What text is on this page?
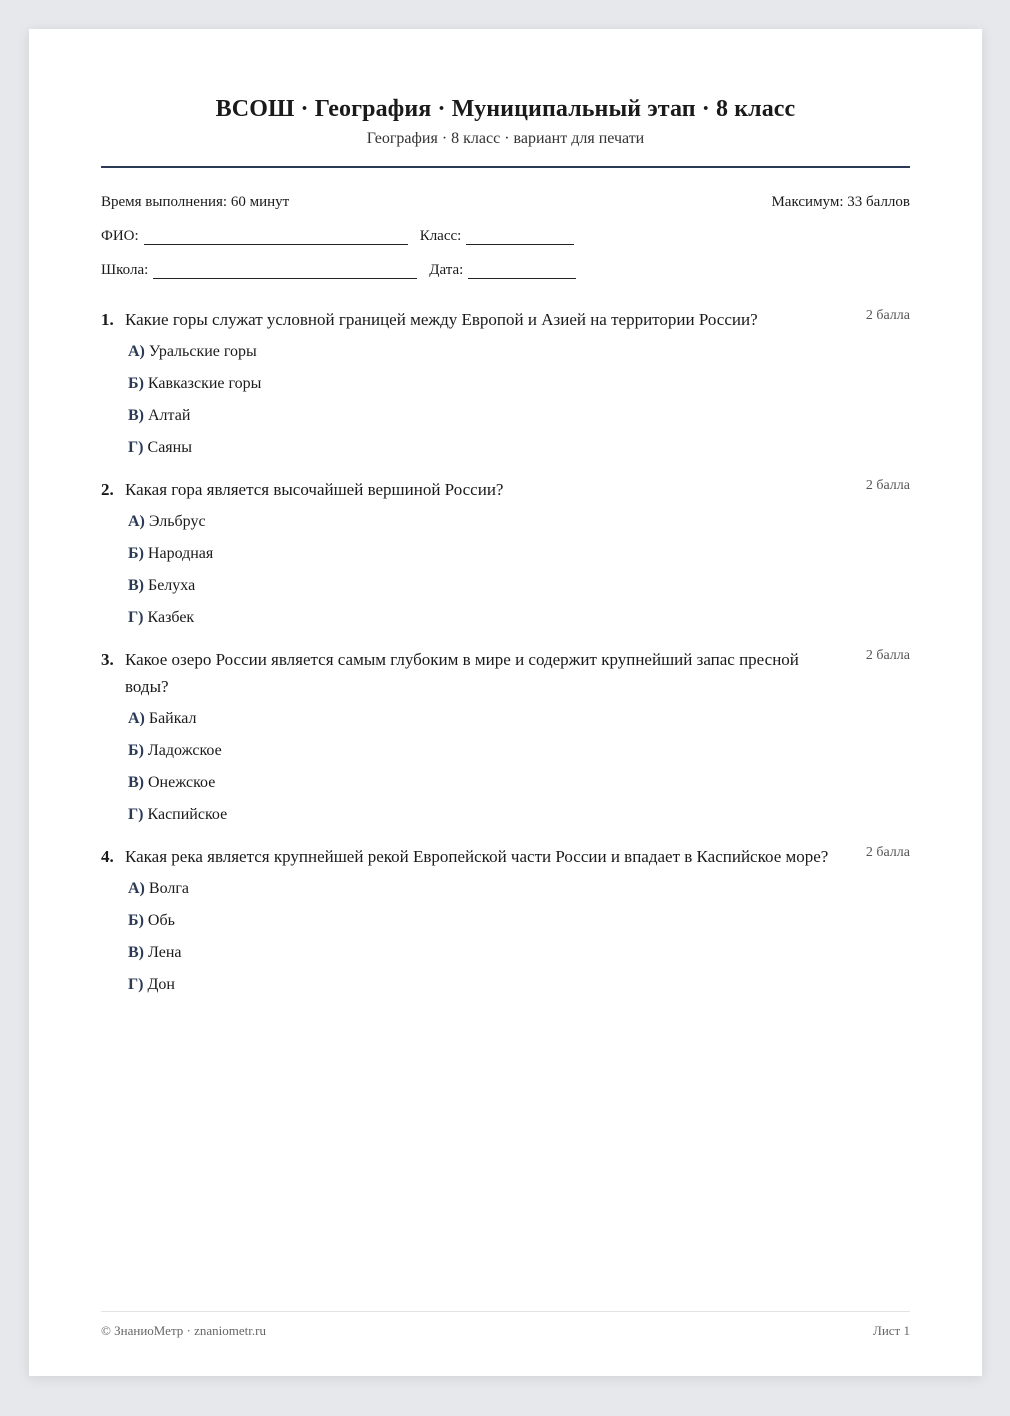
ВСОШ · География · Муниципальный этап · 8 класс
География · 8 класс · вариант для печати
Время выполнения: 60 минут	Максимум: 33 баллов
ФИО:	Класс:
Школа:	Дата:
1. Какие горы служат условной границей между Европой и Азией на территории России?	2 балла
А) Уральские горы
Б) Кавказские горы
В) Алтай
Г) Саяны
2. Какая гора является высочайшей вершиной России?	2 балла
А) Эльбрус
Б) Народная
В) Белуха
Г) Казбек
3. Какое озеро России является самым глубоким в мире и содержит крупнейший запас пресной воды?
2 балла
А) Байкал
Б) Ладожское
В) Онежское
Г) Каспийское
4. Какая река является крупнейшей рекой Европейской части России и впадает в Каспийское море?	2 балла
А) Волга
Б) Обь
В) Лена
Г) Дон
© ЗнаниоМетр · znaniometr.ru	Лист 1
